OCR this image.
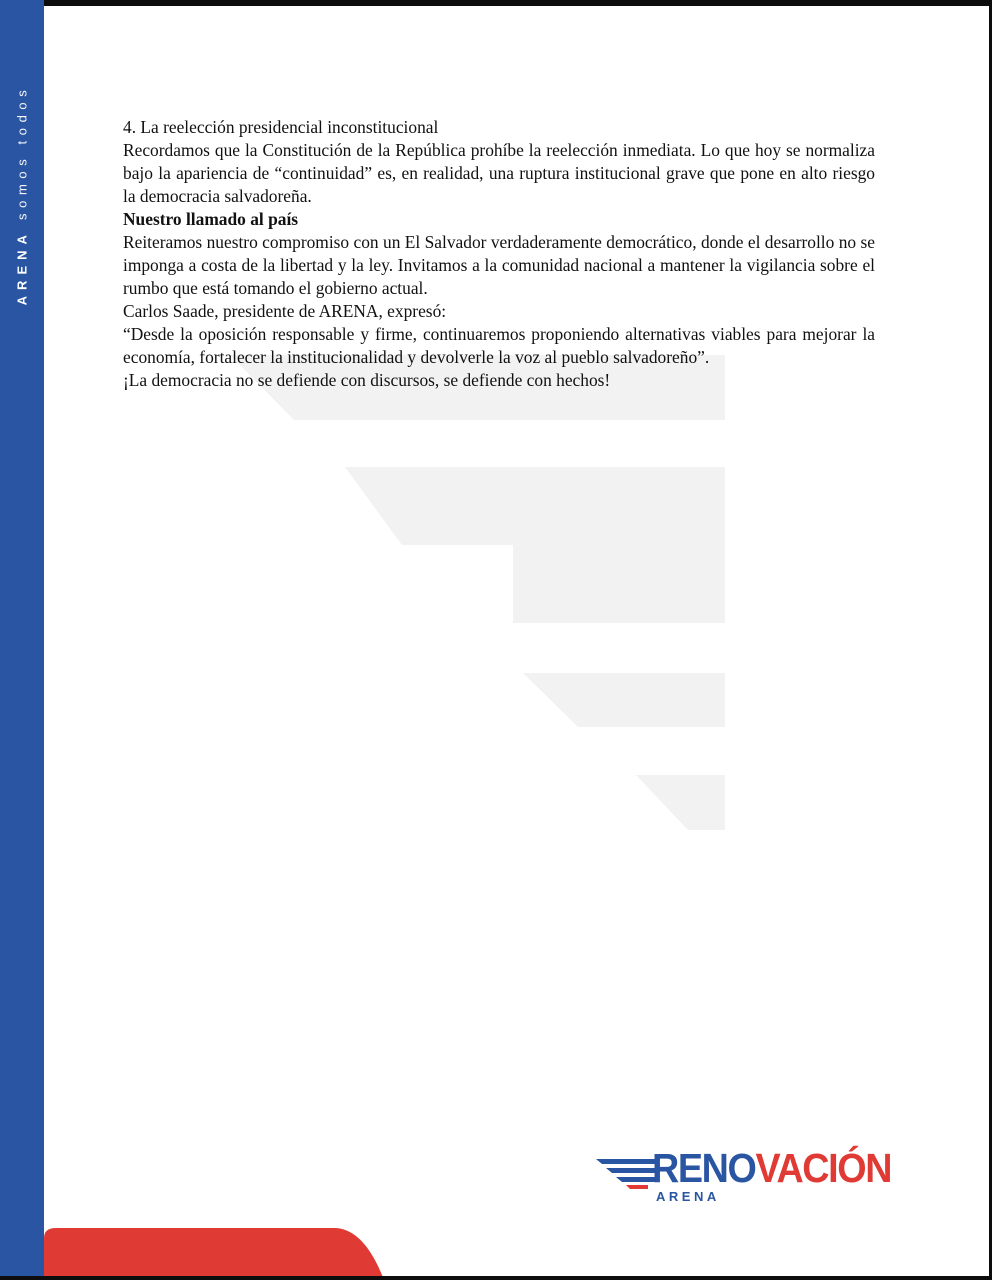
ARENA somos todos	4. La reelección presidencial inconstitucional

Recordamos que la Constitución de la República prohíbe la reelección inmediata. Lo que hoy se normaliza bajo la apariencia de “continuidad” es, en realidad, una ruptura institucional grave que pone en alto riesgo la democracia salvadoreña.

Nuestro llamado al país

Reiteramos nuestro compromiso con un El Salvador verdaderamente democrático, donde el desarrollo no se imponga a costa de la libertad y la ley. Invitamos a la comunidad nacional a mantener la vigilancia sobre el rumbo que está tomando el gobierno actual.

Carlos Saade, presidente de ARENA, expresó:

“Desde la oposición responsable y firme, continuaremos proponiendo alternativas viables para mejorar la economía, fortalecer la institucionalidad y devolverle la voz al pueblo salvadoreño”.

¡La democracia no se defiende con discursos, se defiende con hechos!

RENOVACIÓN
ARENA
